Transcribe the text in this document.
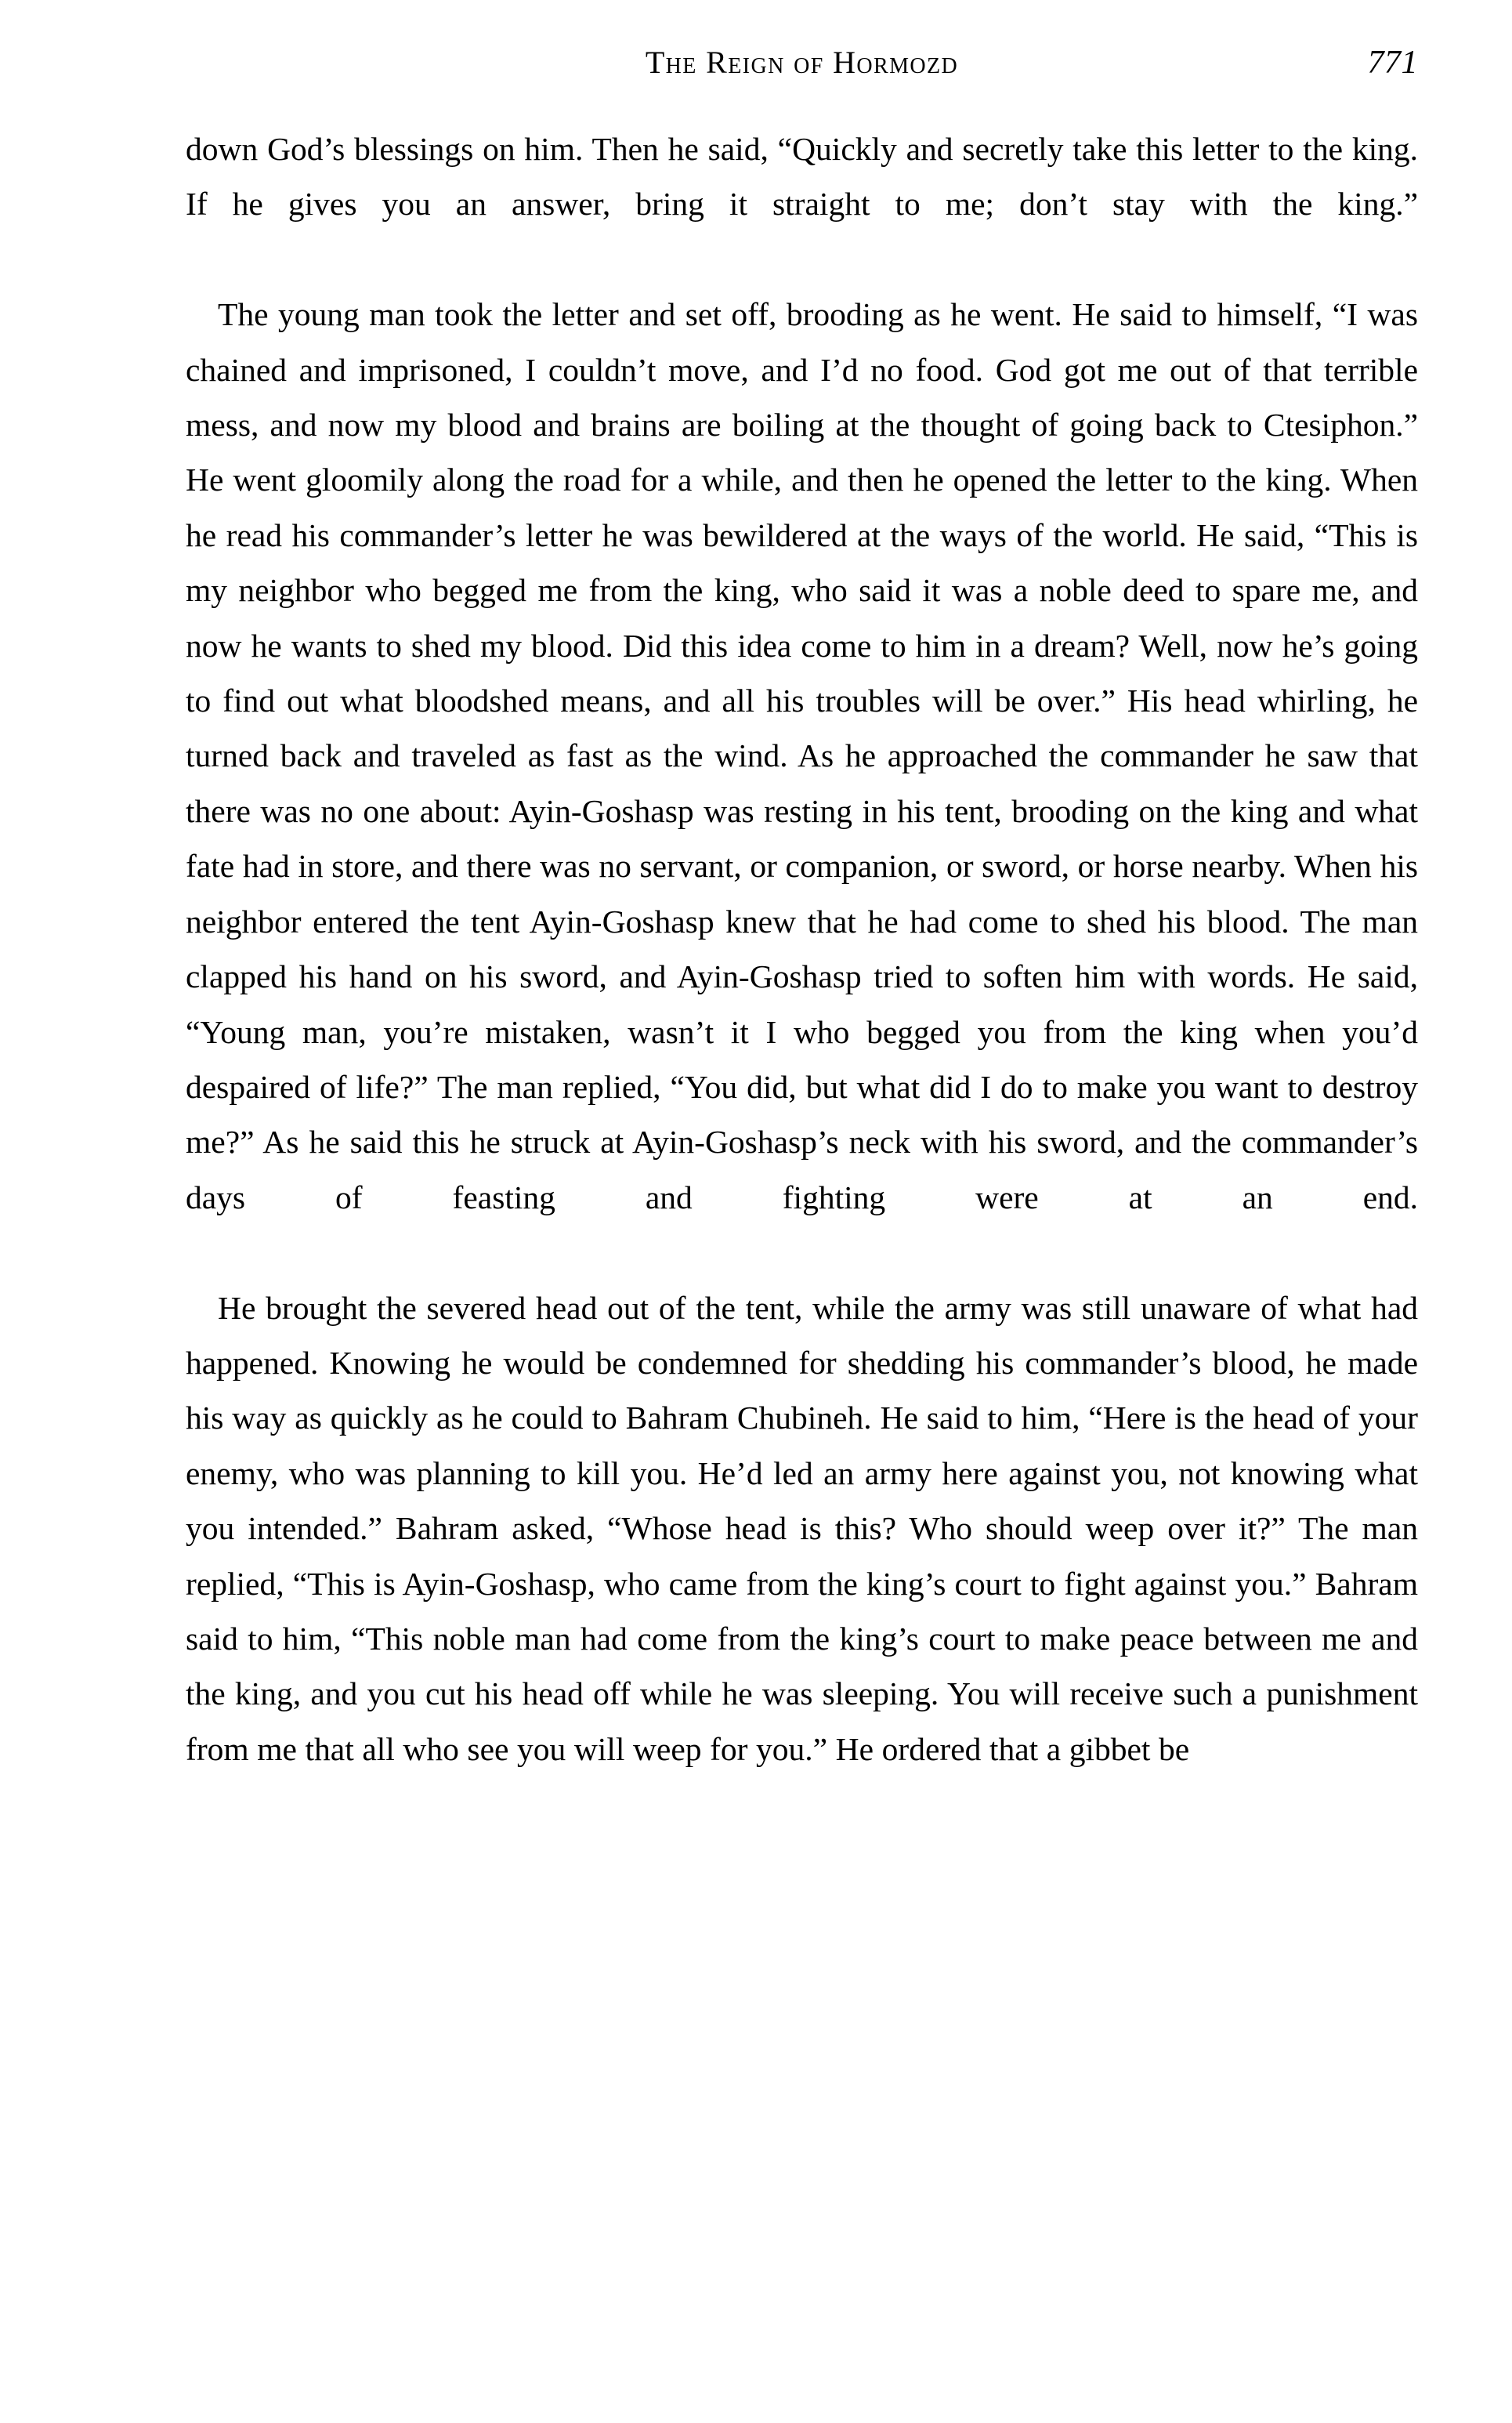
The Reign of Hormozd	771

down God’s blessings on him. Then he said, “Quickly and secretly take this letter to the king. If he gives you an answer, bring it straight to me; don’t stay with the king.”

The young man took the letter and set off, brooding as he went. He said to himself, “I was chained and imprisoned, I couldn’t move, and I’d no food. God got me out of that terrible mess, and now my blood and brains are boiling at the thought of going back to Ctesiphon.” He went gloomily along the road for a while, and then he opened the letter to the king. When he read his commander’s letter he was bewildered at the ways of the world. He said, “This is my neighbor who begged me from the king, who said it was a noble deed to spare me, and now he wants to shed my blood. Did this idea come to him in a dream? Well, now he’s going to find out what bloodshed means, and all his troubles will be over.” His head whirling, he turned back and traveled as fast as the wind. As he approached the commander he saw that there was no one about: Ayin-Goshasp was resting in his tent, brooding on the king and what fate had in store, and there was no servant, or companion, or sword, or horse nearby. When his neighbor entered the tent Ayin-Goshasp knew that he had come to shed his blood. The man clapped his hand on his sword, and Ayin-Goshasp tried to soften him with words. He said, “Young man, you’re mistaken, wasn’t it I who begged you from the king when you’d despaired of life?” The man replied, “You did, but what did I do to make you want to destroy me?” As he said this he struck at Ayin-Goshasp’s neck with his sword, and the commander’s days of feasting and fighting were at an end.

He brought the severed head out of the tent, while the army was still unaware of what had happened. Knowing he would be condemned for shedding his commander’s blood, he made his way as quickly as he could to Bahram Chubineh. He said to him, “Here is the head of your enemy, who was planning to kill you. He’d led an army here against you, not knowing what you intended.” Bahram asked, “Whose head is this? Who should weep over it?” The man replied, “This is Ayin-Goshasp, who came from the king’s court to fight against you.” Bahram said to him, “This noble man had come from the king’s court to make peace between me and the king, and you cut his head off while he was sleeping. You will receive such a punishment from me that all who see you will weep for you.” He ordered that a gibbet be
